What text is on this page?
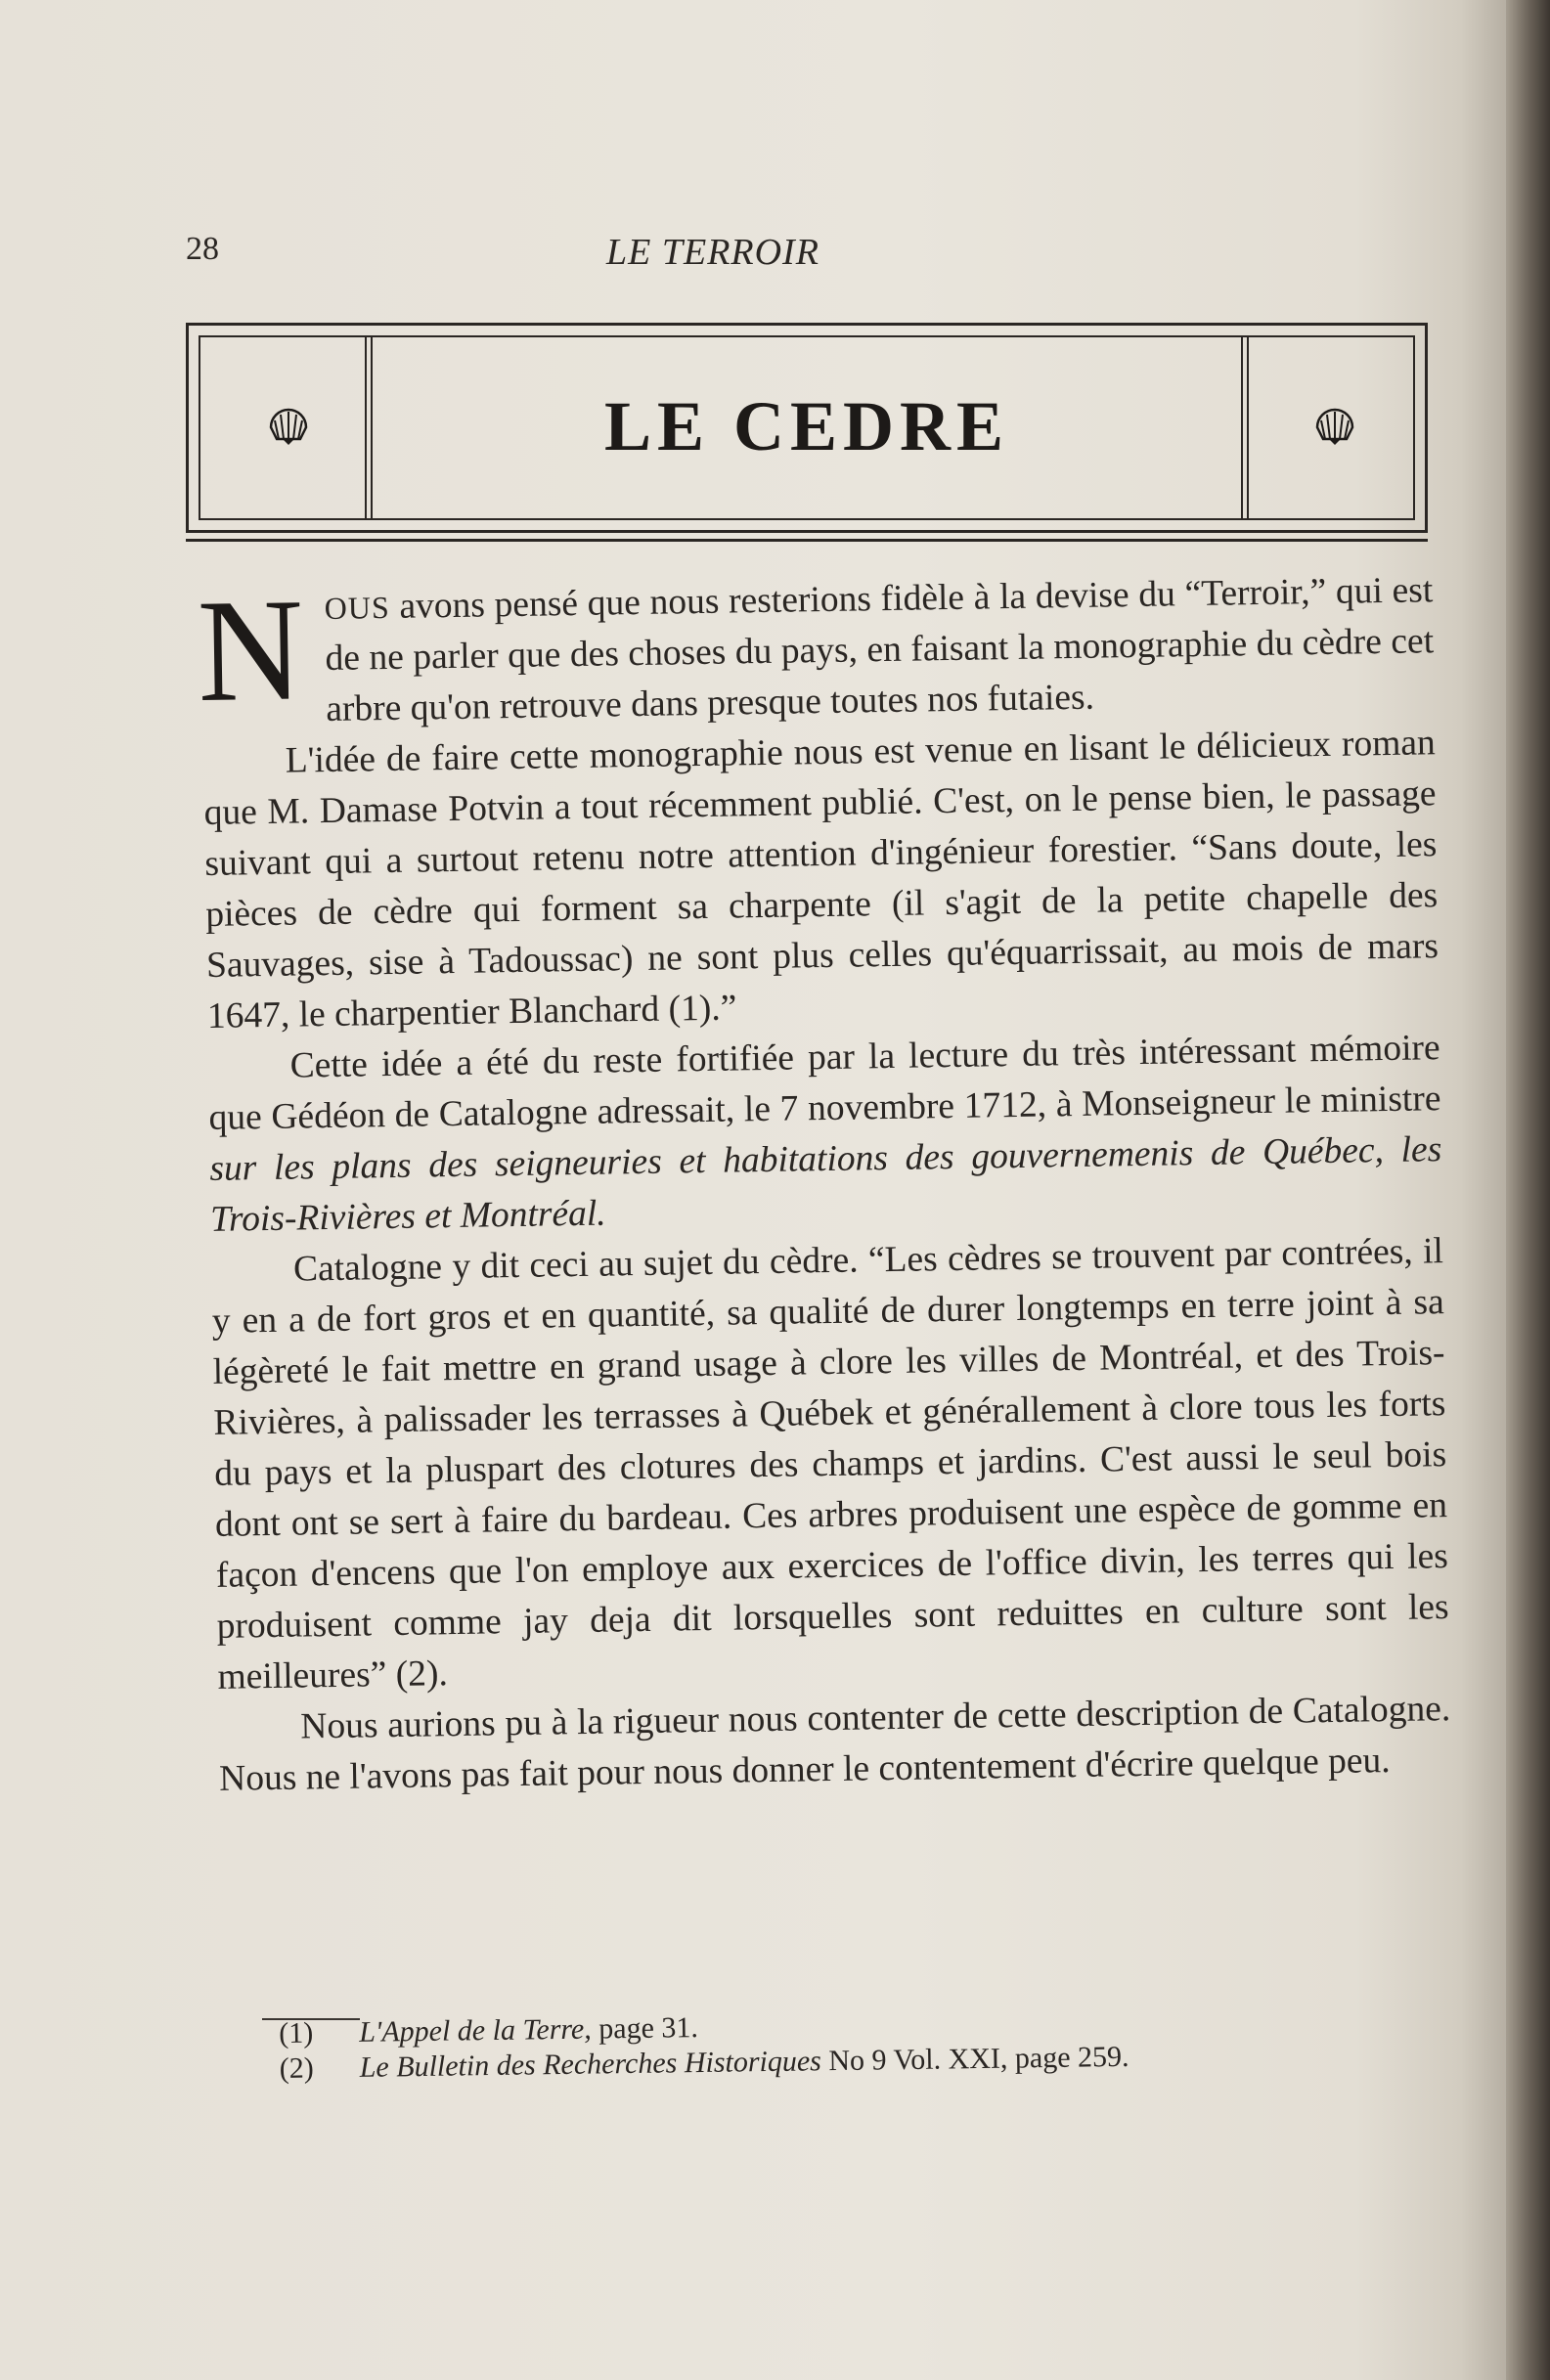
28	LE TERROIR
LE CEDRE

NOUS avons pensé que nous resterions fidèle à la devise du “Terroir,” qui est de ne parler que des choses du pays, en faisant la monographie du cèdre cet arbre qu'on retrouve dans presque toutes nos futaies.

L'idée de faire cette monographie nous est venue en lisant le délicieux roman que M. Damase Potvin a tout récemment publié. C'est, on le pense bien, le passage suivant qui a surtout retenu notre attention d'ingénieur forestier. “Sans doute, les pièces de cèdre qui forment sa charpente (il s'agit de la petite chapelle des Sauvages, sise à Tadoussac) ne sont plus celles qu'équarrissait, au mois de mars 1647, le charpentier Blanchard (1).”

Cette idée a été du reste fortifiée par la lecture du très intéressant mémoire que Gédéon de Catalogne adressait, le 7 novembre 1712, à Monseigneur le ministre sur les plans des seigneuries et habitations des gouvernemenis de Québec, les Trois-Rivières et Montréal.

Catalogne y dit ceci au sujet du cèdre. “Les cèdres se trouvent par contrées, il y en a de fort gros et en quantité, sa qualité de durer longtemps en terre joint à sa légèreté le fait mettre en grand usage à clore les villes de Montréal, et des Trois-Rivières, à palissader les terrasses à Québek et générallement à clore tous les forts du pays et la pluspart des clotures des champs et jardins. C'est aussi le seul bois dont ont se sert à faire du bardeau. Ces arbres produisent une espèce de gomme en façon d'encens que l'on employe aux exercices de l'office divin, les terres qui les produisent comme jay deja dit lorsquelles sont reduittes en culture sont les meilleures” (2).

Nous aurions pu à la rigueur nous contenter de cette description de Catalogne. Nous ne l'avons pas fait pour nous donner le contentement d'écrire quelque peu.

(1) L'Appel de la Terre, page 31.
(2) Le Bulletin des Recherches Historiques No 9 Vol. XXI, page 259.
